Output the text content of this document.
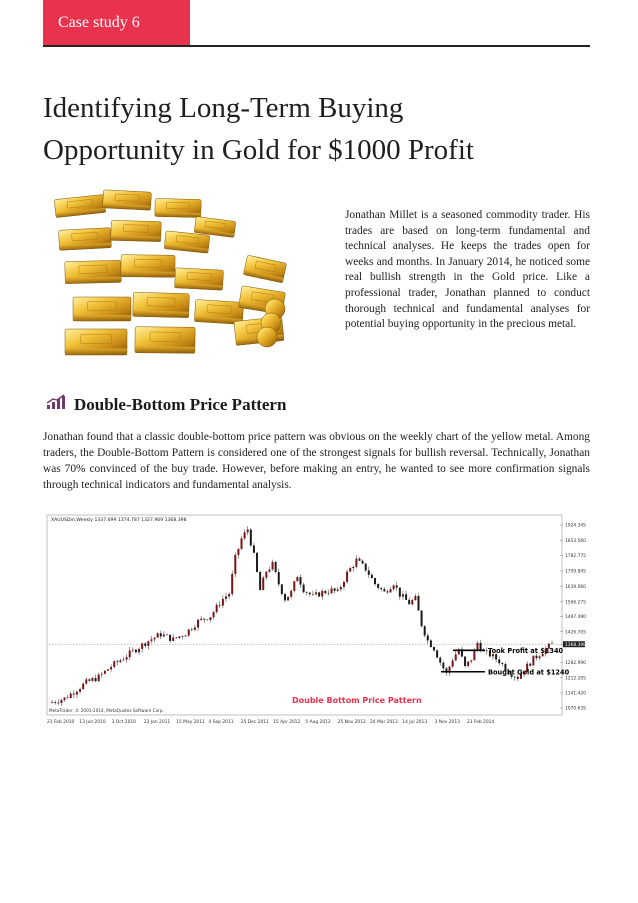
Case study 6
Identifying Long-Term Buying
Opportunity in Gold for $1000 Profit

Jonathan Millet is a seasoned commodity trader. His trades are based on long-term fundamental and technical analyses. He keeps the trades open for weeks and months. In January 2014, he noticed some real bullish strength in the Gold price. Like a professional trader, Jonathan planned to conduct thorough technical and fundamental analyses for potential buying opportunity in the precious metal.

Double-Bottom Price Pattern

Jonathan found that a classic double-bottom price pattern was obvious on the weekly chart of the yellow metal. Among traders, the Double-Bottom Pattern is considered one of the strongest signals for bullish reversal. Technically, Jonathan was 70% convinced of the buy trade. However, before making an entry, he wanted to see more confirmation signals through technical indicators and fundamental analysis.

1924.345
1853.560
1782.775
1709.845
1639.060
1566.275
1497.490
1426.705
1368.398
1282.990
1212.205
1141.420
1070.635
21 Feb 2010 13 Jun 2010 3 Oct 2010 23 Jan 2011 15 May 2011 4 Sep 2011 25 Dec 2011 15 Apr 2012 5 Aug 2012 25 Nov 2012 24 Mar 2013 14 Jul 2013 3 Nov 2013 23 Feb 2014
Took Profit at $1340
Bought Gold at $1240
XAUUSDm,Weekly 1337.699 1374.787 1327.969 1368.398
MetaTrader, © 2001-2014, MetaQuotes Software Corp.
Double Bottom Price Pattern
